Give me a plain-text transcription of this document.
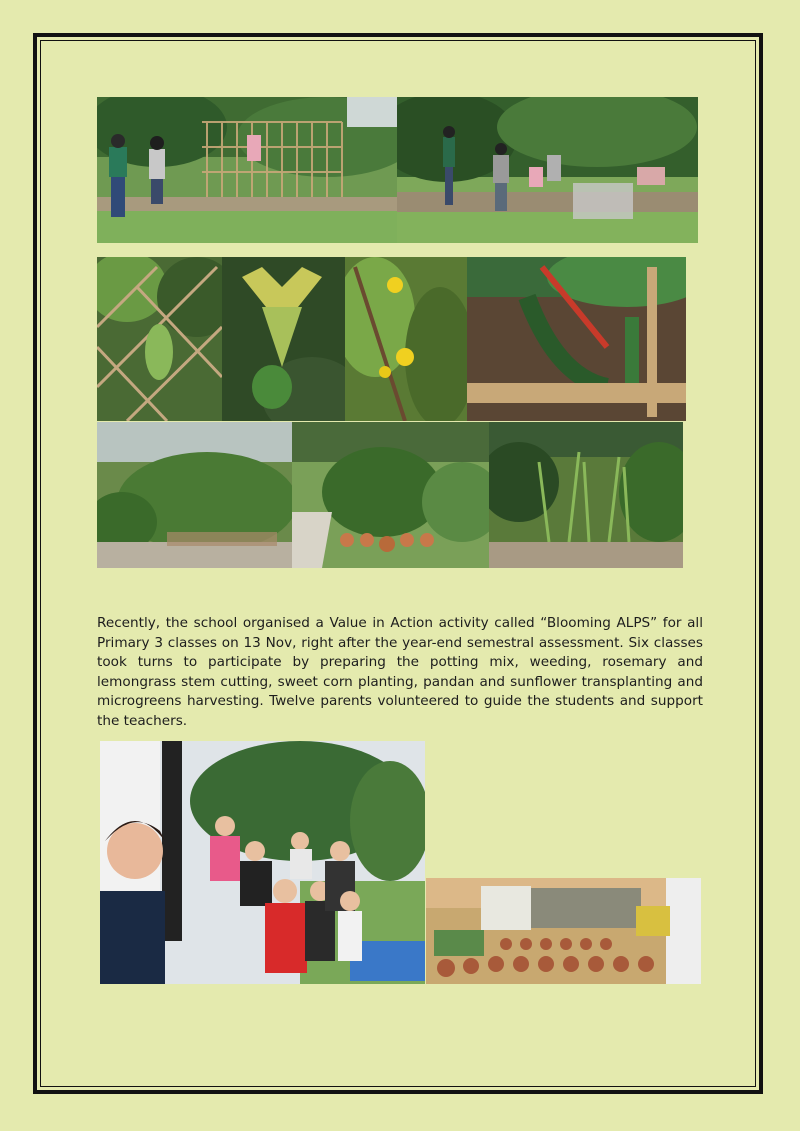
Recently, the school organised a Value in Action activity called “Blooming ALPS” for all Primary 3 classes on 13 Nov, right after the year-end semestral assessment. Six classes took turns to participate by preparing the potting mix, weeding, rosemary and lemongrass stem cutting, sweet corn planting, pandan and sunflower transplanting and microgreens harvesting. Twelve parents volunteered to guide the students and support the teachers.
